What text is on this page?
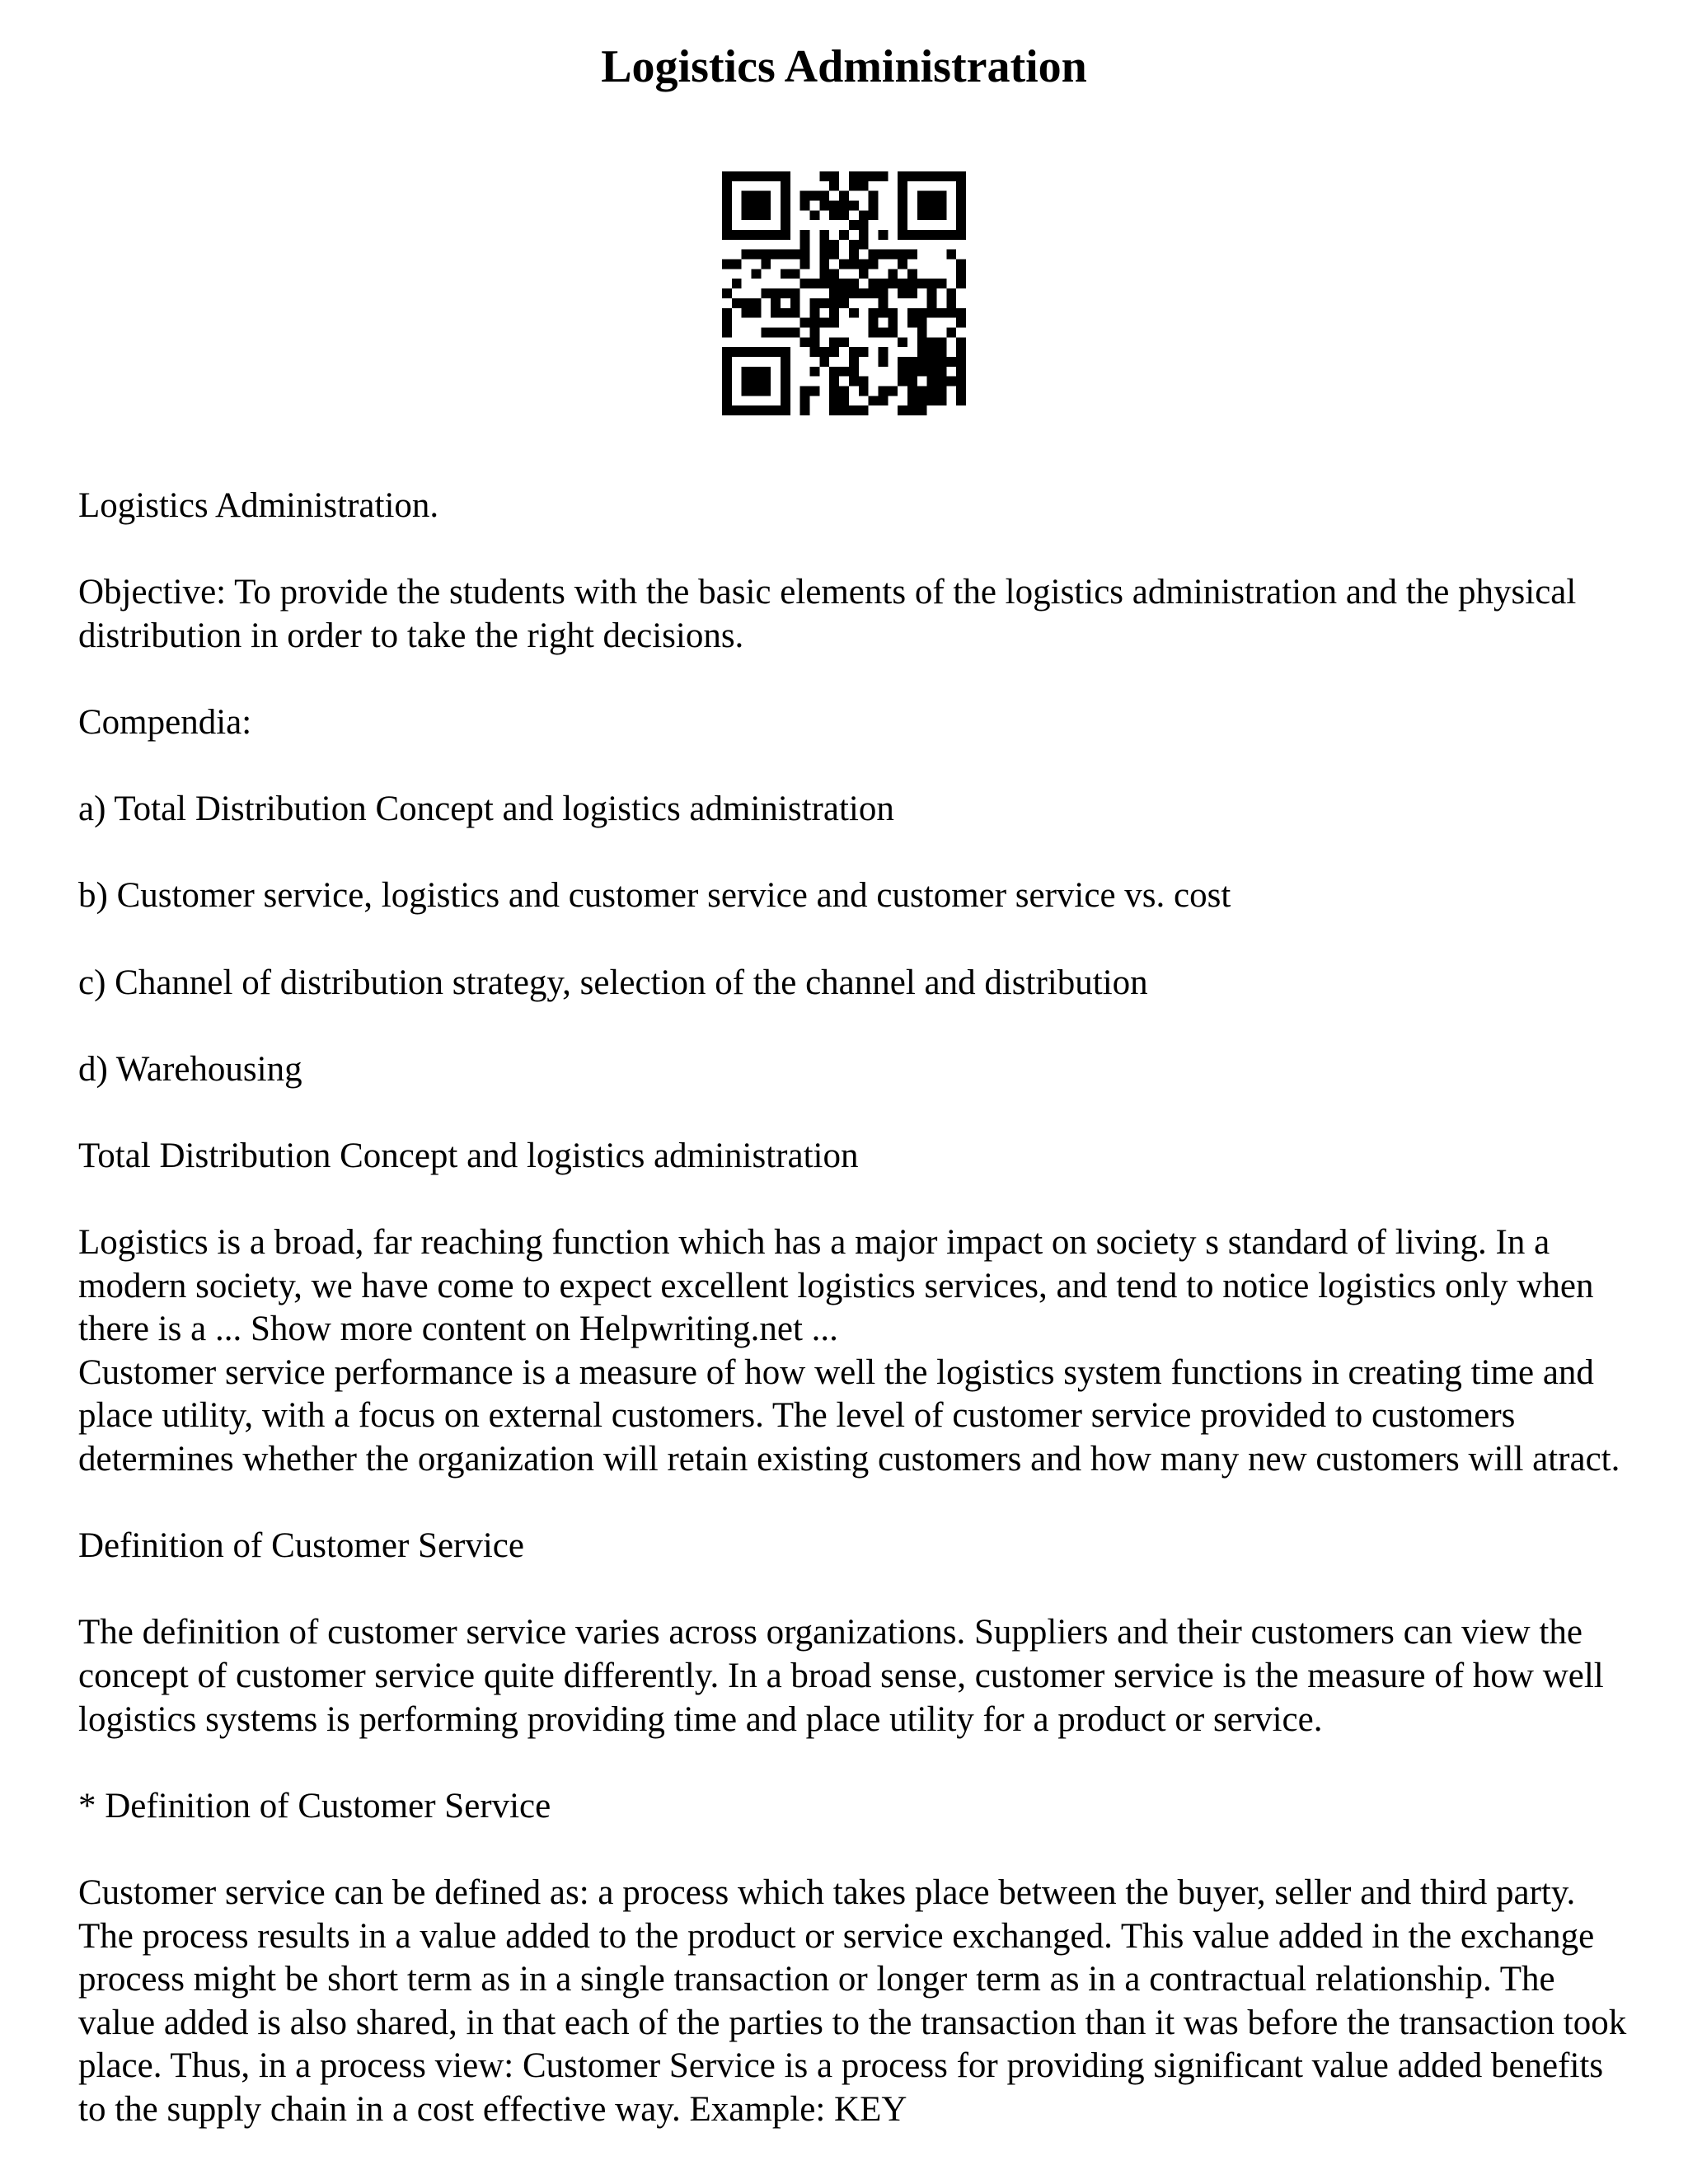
Logistics Administration

Logistics Administration.

Objective: To provide the students with the basic elements of the logistics administration and the physical distribution in order to take the right decisions.

Compendia:

a) Total Distribution Concept and logistics administration

b) Customer service, logistics and customer service and customer service vs. cost

c) Channel of distribution strategy, selection of the channel and distribution

d) Warehousing

Total Distribution Concept and logistics administration

Logistics is a broad, far reaching function which has a major impact on society s standard of living. In a modern society, we have come to expect excellent logistics services, and tend to notice logistics only when there is a ... Show more content on Helpwriting.net ...

Customer service performance is a measure of how well the logistics system functions in creating time and place utility, with a focus on external customers. The level of customer service provided to customers determines whether the organization will retain existing customers and how many new customers will atract.

Definition of Customer Service

The definition of customer service varies across organizations. Suppliers and their customers can view the concept of customer service quite differently. In a broad sense, customer service is the measure of how well logistics systems is performing providing time and place utility for a product or service.

* Definition of Customer Service

Customer service can be defined as: a process which takes place between the buyer, seller and third party. The process results in a value added to the product or service exchanged. This value added in the exchange process might be short term as in a single transaction or longer term as in a contractual relationship. The value added is also shared, in that each of the parties to the transaction than it was before the transaction took place. Thus, in a process view: Customer Service is a process for providing significant value added benefits to the supply chain in a cost effective way. Example: KEY
